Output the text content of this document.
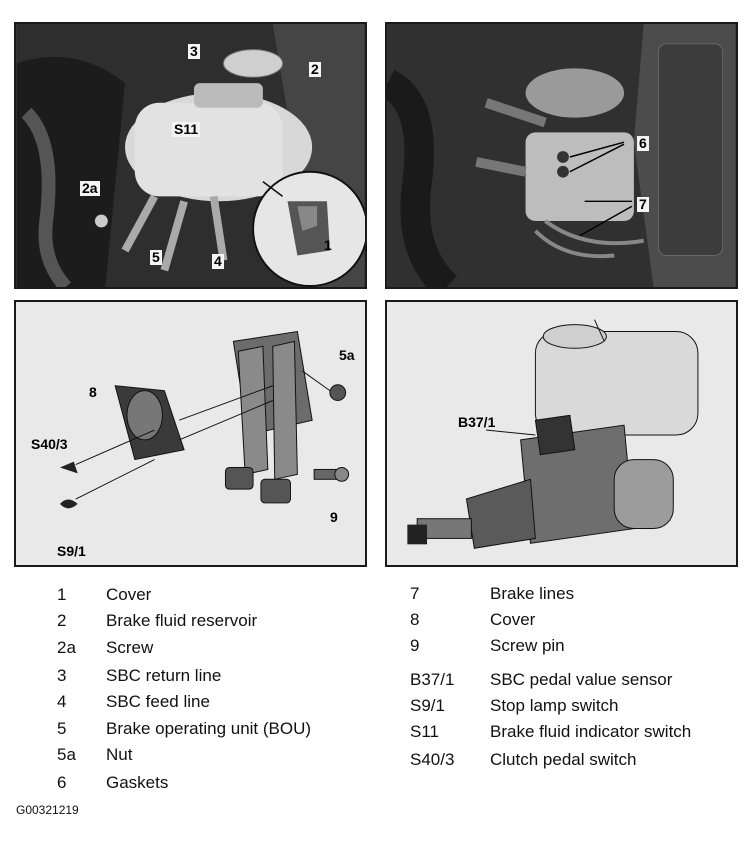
3
2
S11
2a
5	4
1
6
7
8
5a
S40/3
S9/1
9
B37/1
1 Cover
2 Brake fluid reservoir
2a Screw
3 SBC return line
4 SBC feed line
5 Brake operating unit (BOU)
5a Nut
6 Gaskets
7	Brake lines
8	Cover
9	Screw pin
B37/1 SBC pedal value sensor
S9/1	Stop lamp switch
S11	Brake fluid indicator switch
S40/3 Clutch pedal switch
G00321219
